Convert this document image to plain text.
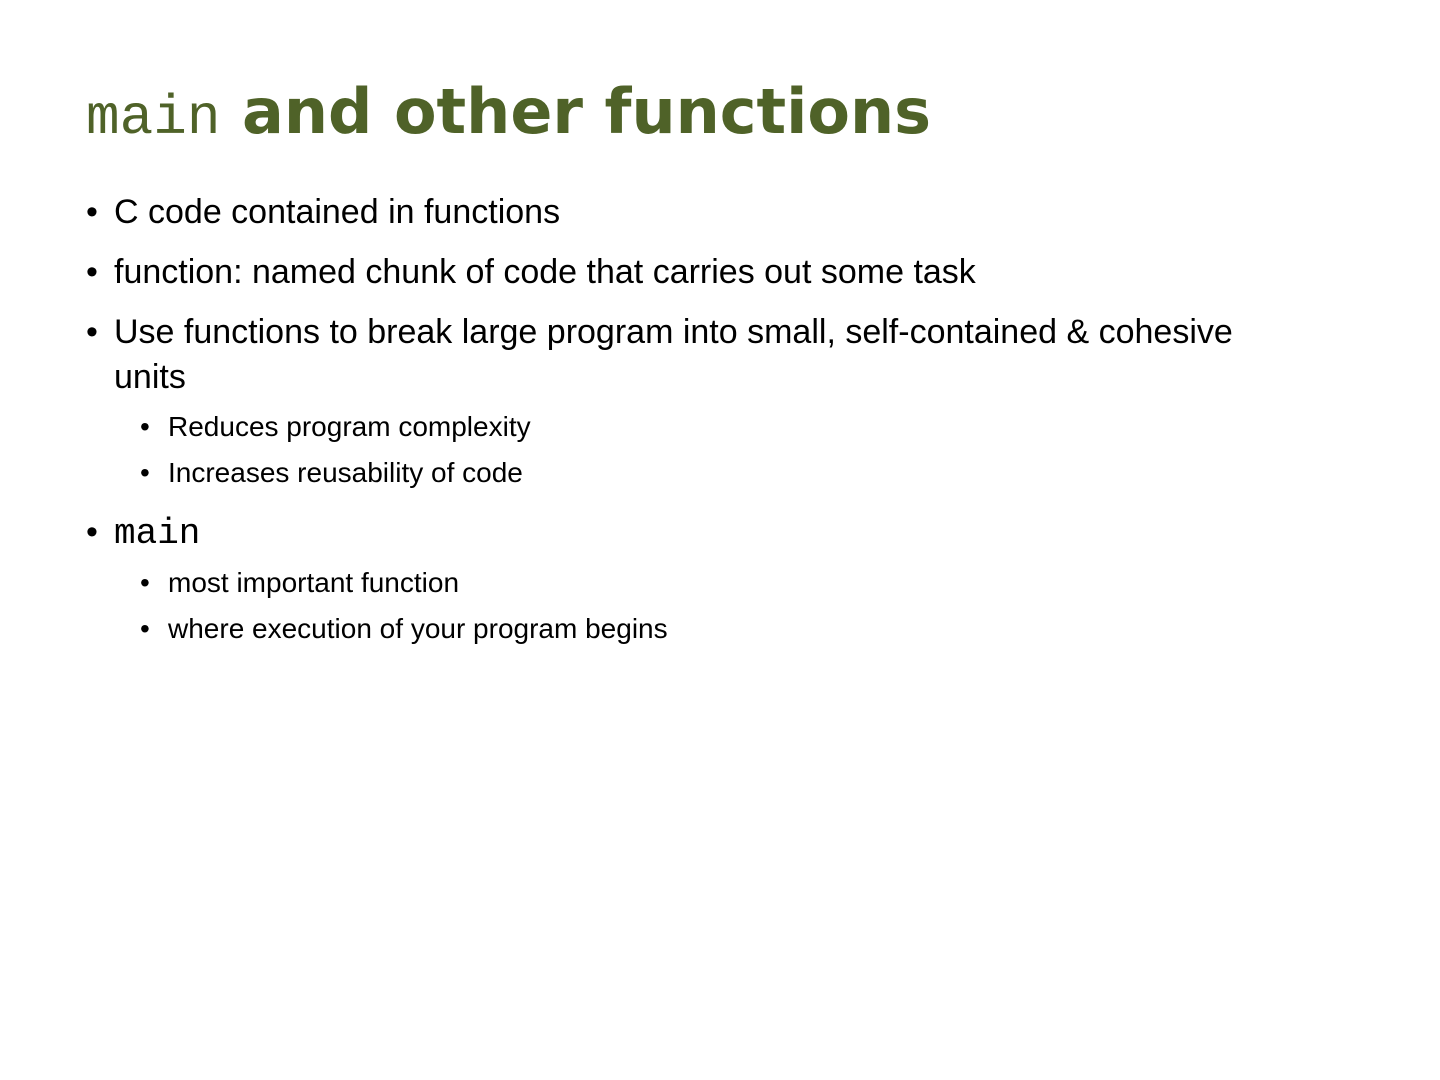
main and other functions
• C code contained in functions
• function: named chunk of code that carries out some task
• Use functions to break large program into small, self-contained & cohesive units
• Reduces program complexity
• Increases reusability of code
• main
• most important function
• where execution of your program begins
